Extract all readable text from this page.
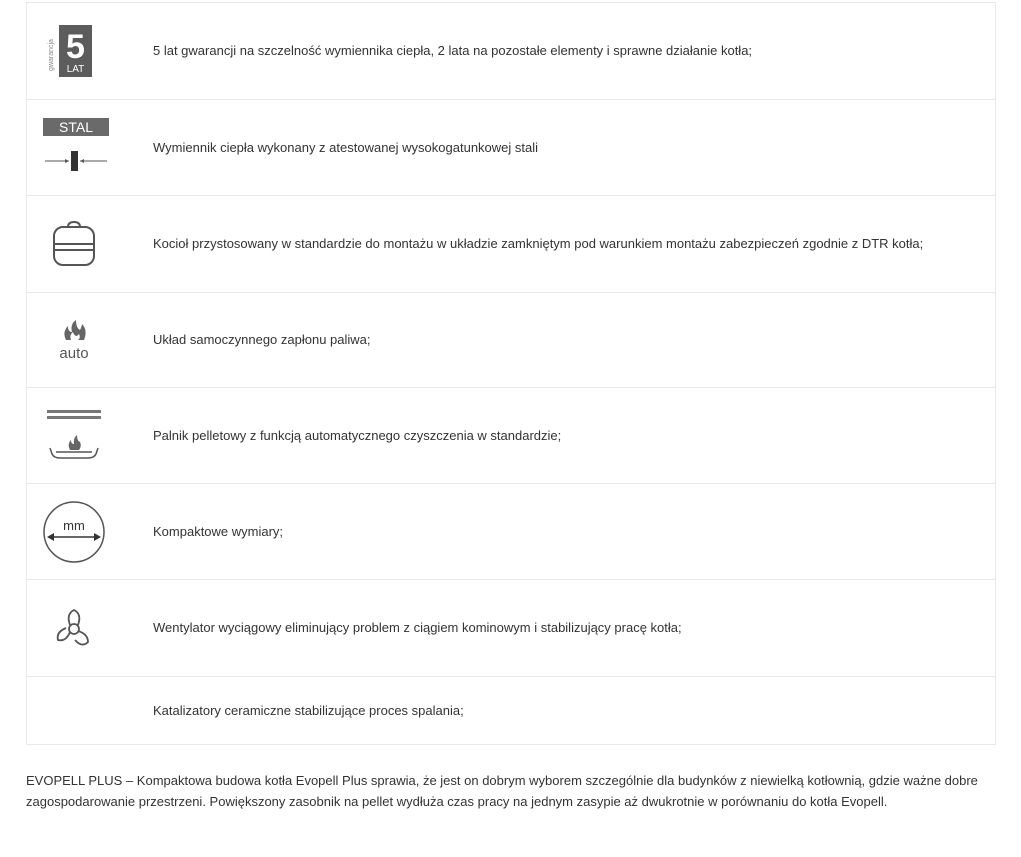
gwarancja 5
LAT
5 lat gwarancji na szczelność wymiennika ciepła, 2 lata na pozostałe elementy i sprawne działanie kotła;
STAL
Wymiennik ciepła wykonany z atestowanej wysokogatunkowej stali
Kocioł przystosowany w standardzie do montażu w układzie zamkniętym pod warunkiem montażu zabezpieczeń zgodnie z DTR kotła;
auto
Układ samoczynnego zapłonu paliwa;
Palnik pelletowy z funkcją automatycznego czyszczenia w standardzie;
mm	Kompaktowe wymiary;
Wentylator wyciągowy eliminujący problem z ciągiem kominowym i stabilizujący pracę kotła;
Katalizatory ceramiczne stabilizujące proces spalania;

EVOPELL PLUS – Kompaktowa budowa kotła Evopell Plus sprawia, że jest on dobrym wyborem szczególnie dla budynków z niewielką kotłownią, gdzie ważne dobre zagospodarowanie przestrzeni. Powiększony zasobnik na pellet wydłuża czas pracy na jednym zasypie aż dwukrotnie w porównaniu do kotła Evopell.
